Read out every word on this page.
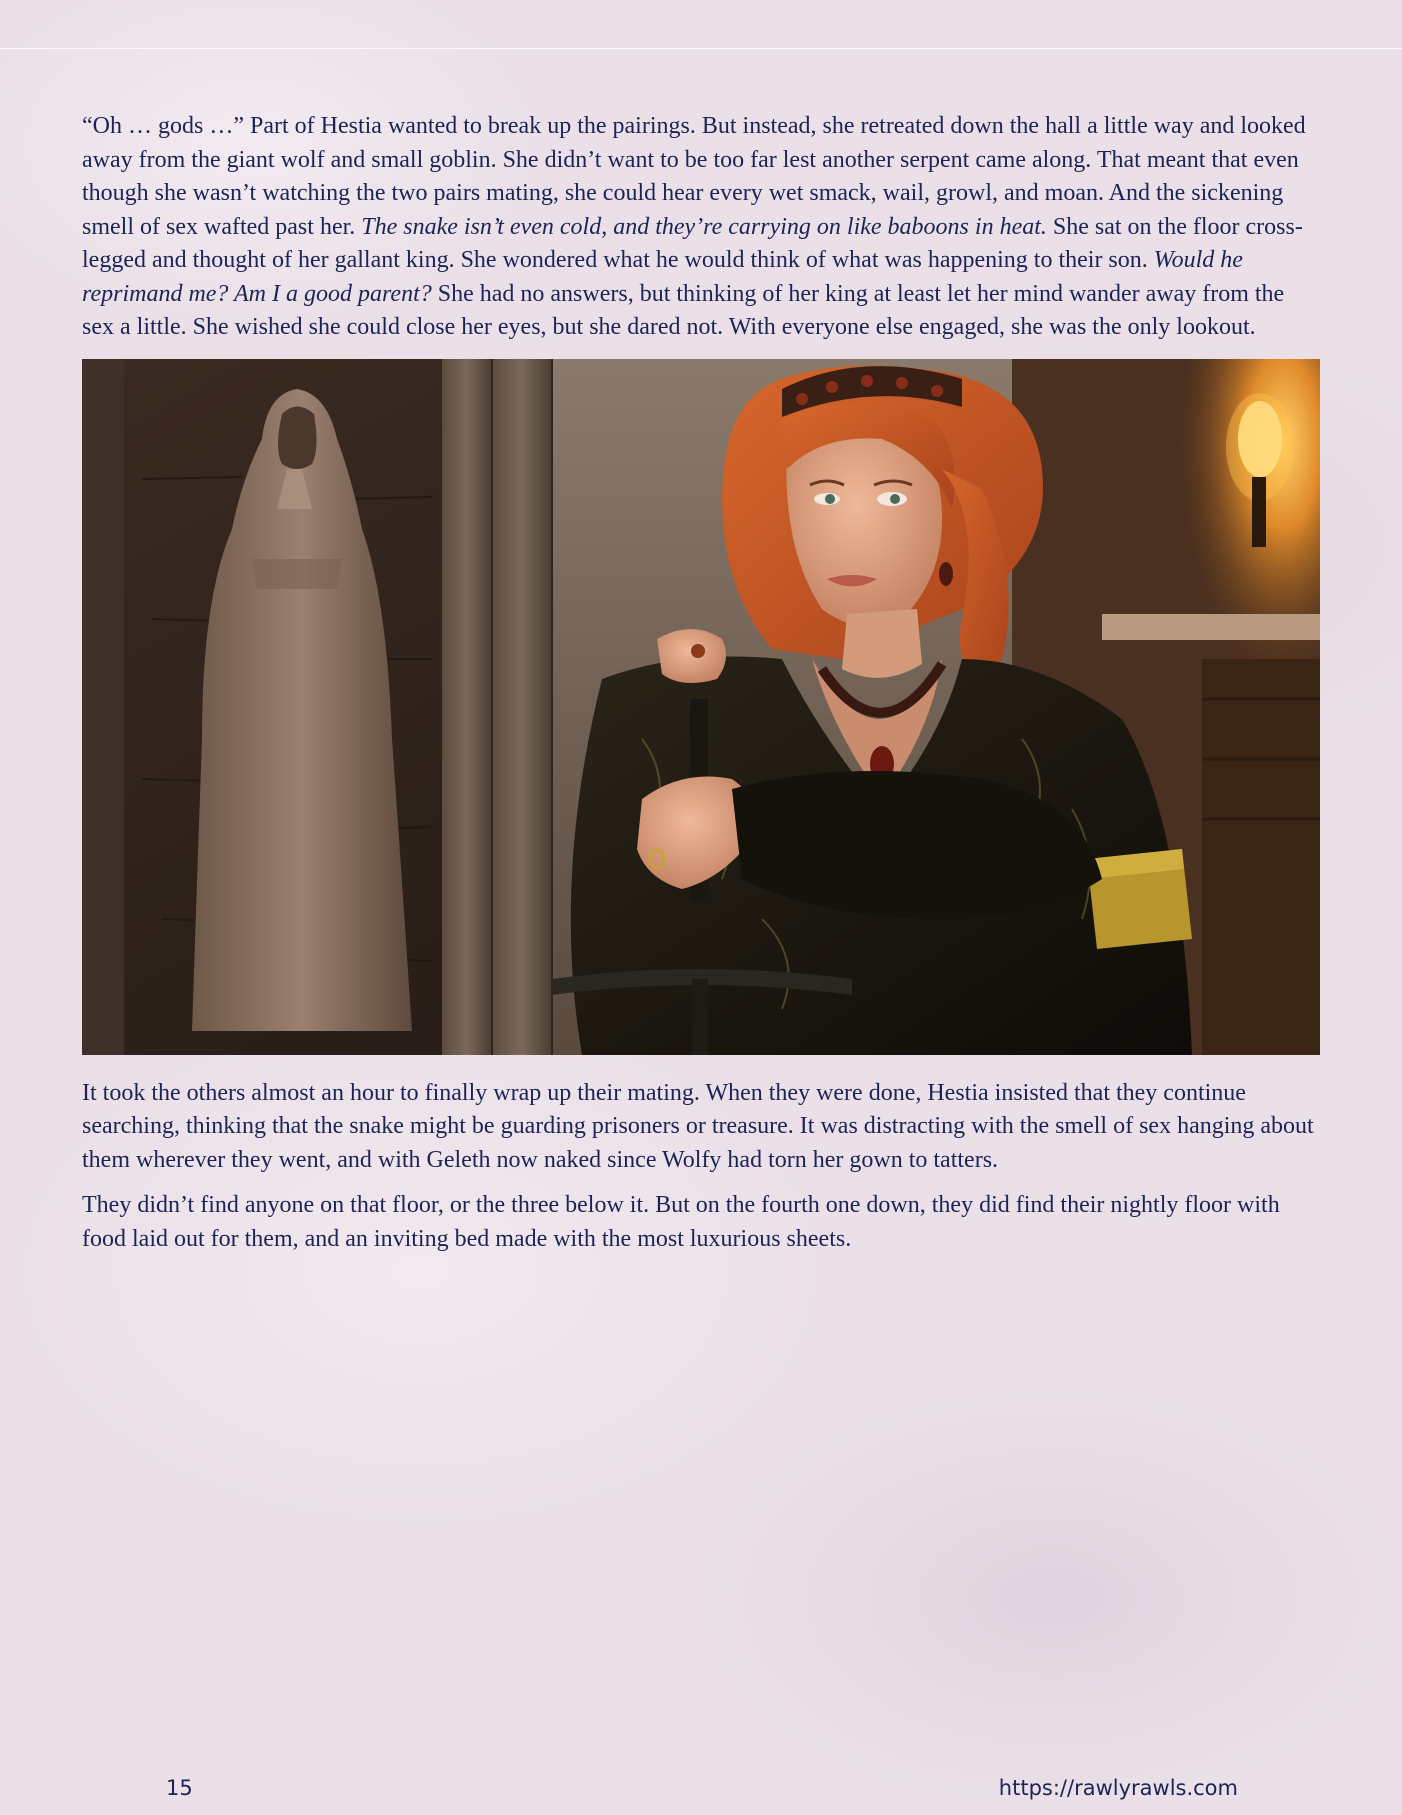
“Oh … gods …” Part of Hestia wanted to break up the pairings. But instead, she retreated down the hall a little way and looked away from the giant wolf and small goblin. She didn’t want to be too far lest another serpent came along. That meant that even though she wasn’t watching the two pairs mating, she could hear every wet smack, wail, growl, and moan. And the sickening smell of sex wafted past her. The snake isn’t even cold, and they’re carrying on like baboons in heat. She sat on the floor cross-legged and thought of her gallant king. She wondered what he would think of what was happening to their son. Would he reprimand me? Am I a good parent? She had no answers, but thinking of her king at least let her mind wander away from the sex a little. She wished she could close her eyes, but she dared not. With everyone else engaged, she was the only lookout.

It took the others almost an hour to finally wrap up their mating. When they were done, Hestia insisted that they continue searching, thinking that the snake might be guarding prisoners or treasure. It was distracting with the smell of sex hanging about them wherever they went, and with Geleth now naked since Wolfy had torn her gown to tatters.

They didn’t find anyone on that floor, or the three below it. But on the fourth one down, they did find their nightly floor with food laid out for them, and an inviting bed made with the most luxurious sheets.

15	https://rawlyrawls.com
